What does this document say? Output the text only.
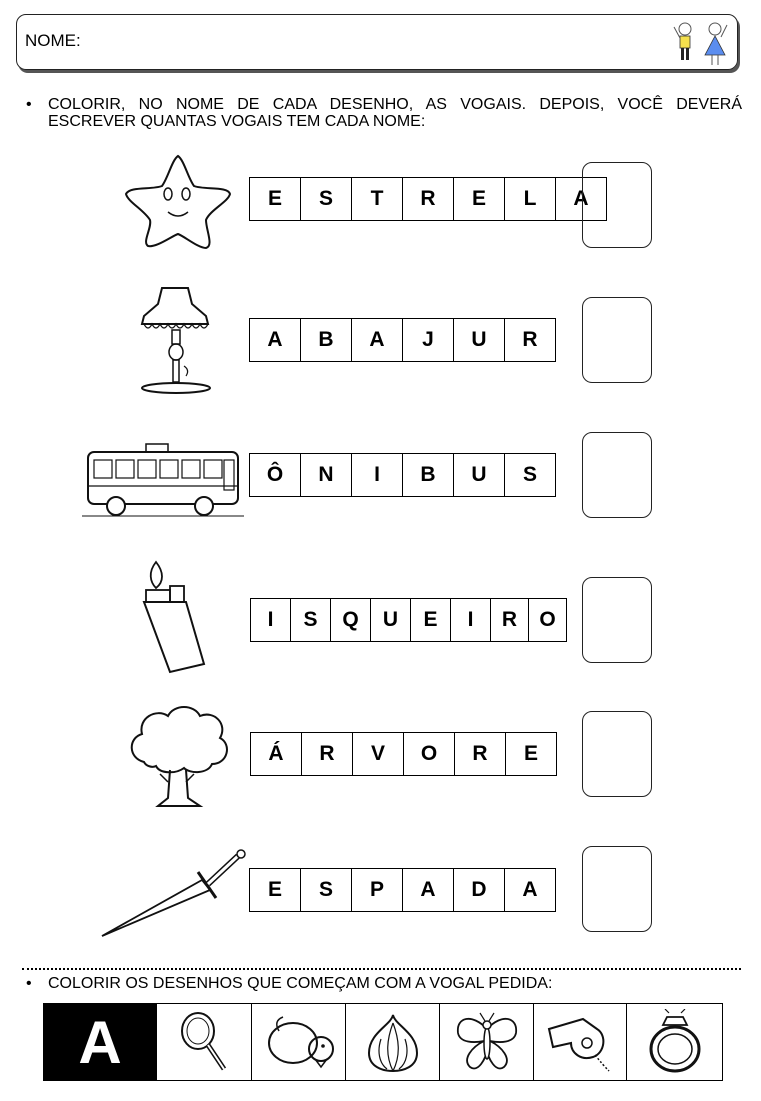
NOME:
•	COLORIR, NO NOME DE CADA DESENHO, AS VOGAIS. DEPOIS, VOCÊ DEVERÁ ESCREVER QUANTAS VOGAIS TEM CADA NOME:
E	S	T	R	E	L	A
A	B	A	J	U	R
Ô	N	I	B	U	S
I	S	Q	U	E	I	R	O
Á	R	V	O	R	E
E	S	P	A	D	A
•	COLORIR OS DESENHOS QUE COMEÇAM COM A VOGAL PEDIDA:
A
